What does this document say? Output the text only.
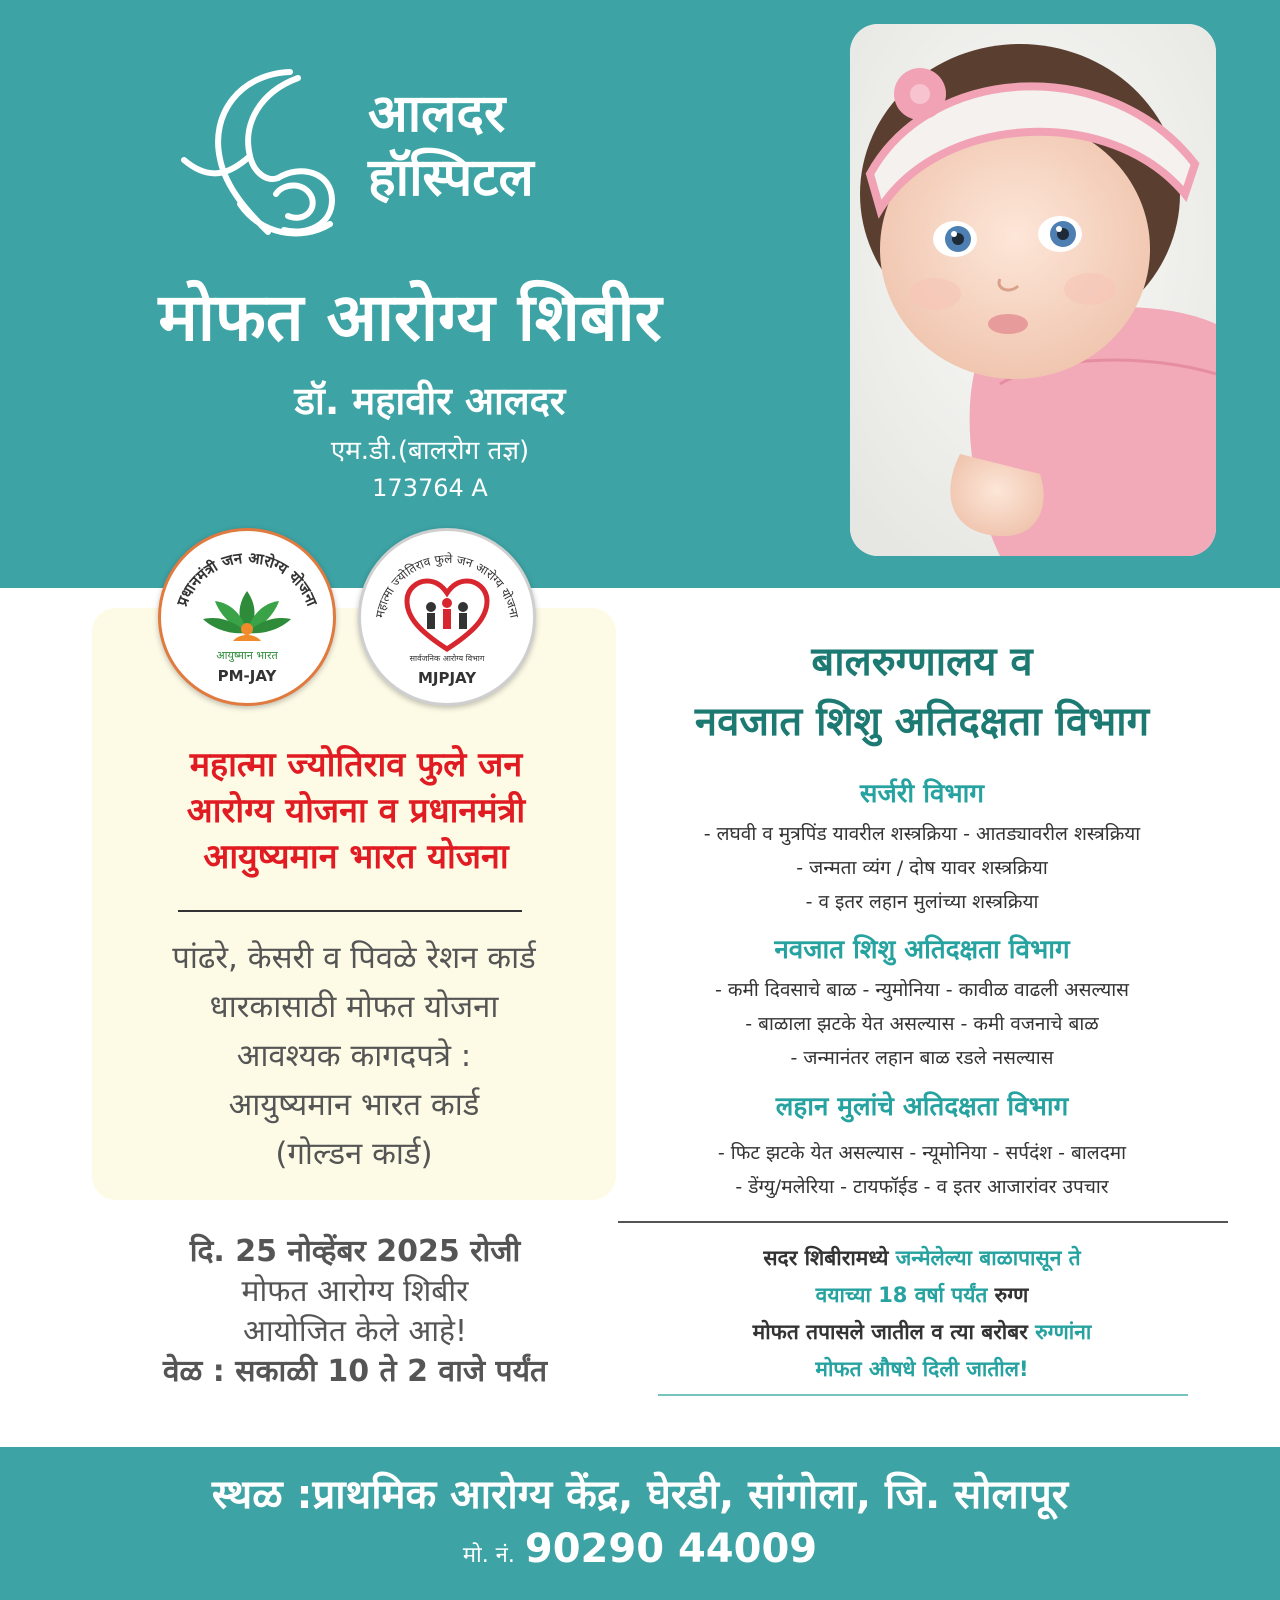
आलदर
हॉस्पिटल
मोफत आरोग्य शिबीर
डॉ. महावीर आलदर
एम.डी.(बालरोग तज्ञ)
173764 A
प्रधानमंत्री जन आरोग्य योजना
आयुष्मान भारत
PM-JAY
महात्मा ज्योतिराव फुले जन आरोग्य योजना
सार्वजनिक आरोग्य विभाग
MJPJAY
महात्मा ज्योतिराव फुले जन
आरोग्य योजना व प्रधानमंत्री
आयुष्यमान भारत योजना
पांढरे, केसरी व पिवळे रेशन कार्ड
धारकासाठी मोफत योजना
आवश्यक कागदपत्रे :
आयुष्यमान भारत कार्ड
(गोल्डन कार्ड)
दि. 25 नोव्हेंबर 2025 रोजी
मोफत आरोग्य शिबीर
आयोजित केले आहे!
वेळ : सकाळी 10 ते 2 वाजे पर्यंत
बालरुग्णालय व
नवजात शिशु अतिदक्षता विभाग
सर्जरी विभाग
- लघवी व मुत्रपिंड यावरील शस्त्रक्रिया - आतड्यावरील शस्त्रक्रिया
- जन्मता व्यंग / दोष यावर शस्त्रक्रिया
- व इतर लहान मुलांच्या शस्त्रक्रिया
नवजात शिशु अतिदक्षता विभाग
- कमी दिवसाचे बाळ - न्युमोनिया - कावीळ वाढली असल्यास
- बाळाला झटके येत असल्यास - कमी वजनाचे बाळ
- जन्मानंतर लहान बाळ रडले नसल्यास
लहान मुलांचे अतिदक्षता विभाग
- फिट झटके येत असल्यास - न्यूमोनिया - सर्पदंश - बालदमा
- डेंग्यु/मलेरिया - टायफॉईड - व इतर आजारांवर उपचार
सदर शिबीरामध्ये जन्मेलेल्या बाळापासून ते
वयाच्या 18 वर्षा पर्यंत रुग्ण
मोफत तपासले जातील व त्या बरोबर रुग्णांना
मोफत औषधे दिली जातील!
स्थळ :प्राथमिक आरोग्य केंद्र, घेरडी, सांगोला, जि. सोलापूर
मो. नं. 90290 44009
